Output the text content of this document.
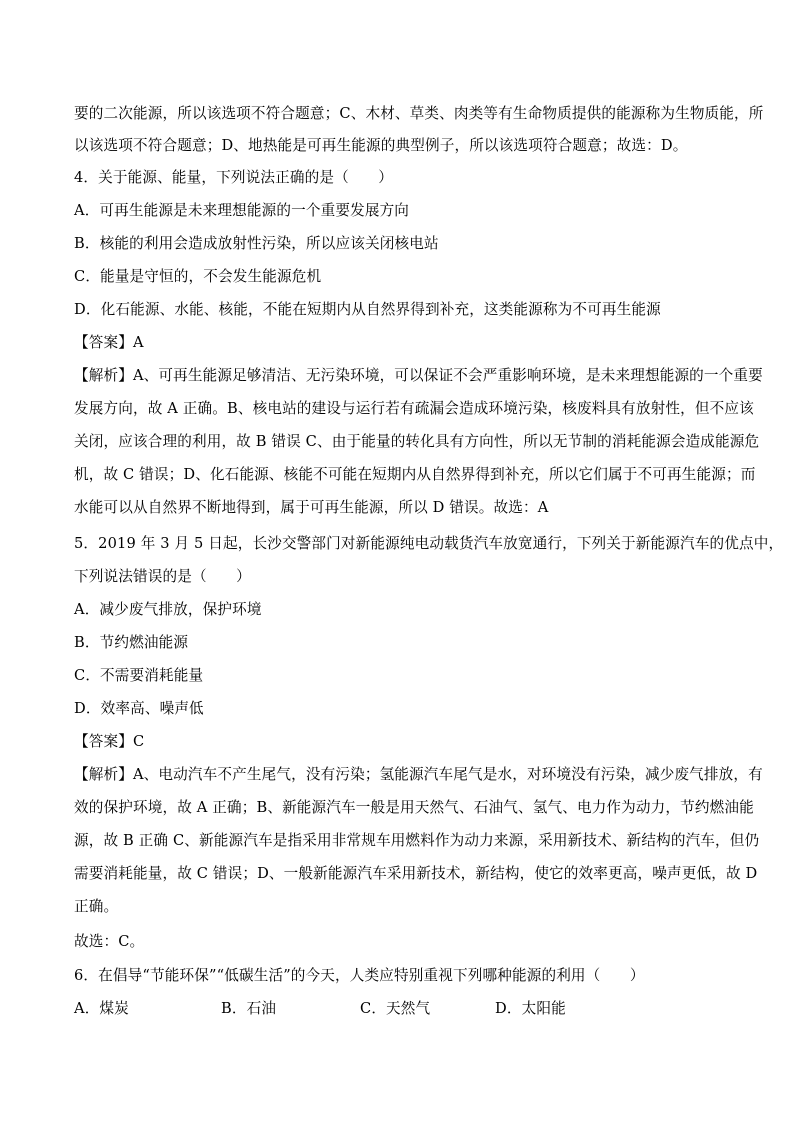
要的二次能源，所以该选项不符合题意；C、木材、草类、肉类等有生命物质提供的能源称为生物质能，所
以该选项不符合题意；D、地热能是可再生能源的典型例子，所以该选项符合题意；故选：D。
4．关于能源、能量，下列说法正确的是（　　）
A．可再生能源是未来理想能源的一个重要发展方向
B．核能的利用会造成放射性污染，所以应该关闭核电站
C．能量是守恒的，不会发生能源危机
D．化石能源、水能、核能，不能在短期内从自然界得到补充，这类能源称为不可再生能源
【答案】A
【解析】A、可再生能源足够清洁、无污染环境，可以保证不会严重影响环境，是未来理想能源的一个重要
发展方向，故 A 正确。B、核电站的建设与运行若有疏漏会造成环境污染，核废料具有放射性，但不应该
关闭，应该合理的利用，故 B 错误 C、由于能量的转化具有方向性，所以无节制的消耗能源会造成能源危
机，故 C 错误；D、化石能源、核能不可能在短期内从自然界得到补充，所以它们属于不可再生能源；而
水能可以从自然界不断地得到，属于可再生能源，所以 D 错误。故选：A
5．2019 年 3 月 5 日起，长沙交警部门对新能源纯电动载货汽车放宽通行，下列关于新能源汽车的优点中，
下列说法错误的是（　　）
A．减少废气排放，保护环境
B．节约燃油能源
C．不需要消耗能量
D．效率高、噪声低
【答案】C
【解析】A、电动汽车不产生尾气，没有污染；氢能源汽车尾气是水，对环境没有污染，减少废气排放，有
效的保护环境，故 A 正确；B、新能源汽车一般是用天然气、石油气、氢气、电力作为动力，节约燃油能
源，故 B 正确 C、新能源汽车是指采用非常规车用燃料作为动力来源，采用新技术、新结构的汽车，但仍
需要消耗能量，故 C 错误；D、一般新能源汽车采用新技术，新结构，使它的效率更高，噪声更低，故 D
正确。
故选：C。
6．在倡导“节能环保”“低碳生活”的今天，人类应特别重视下列哪种能源的利用（　　）
A．煤炭	B．石油	C．天然气	D．太阳能
